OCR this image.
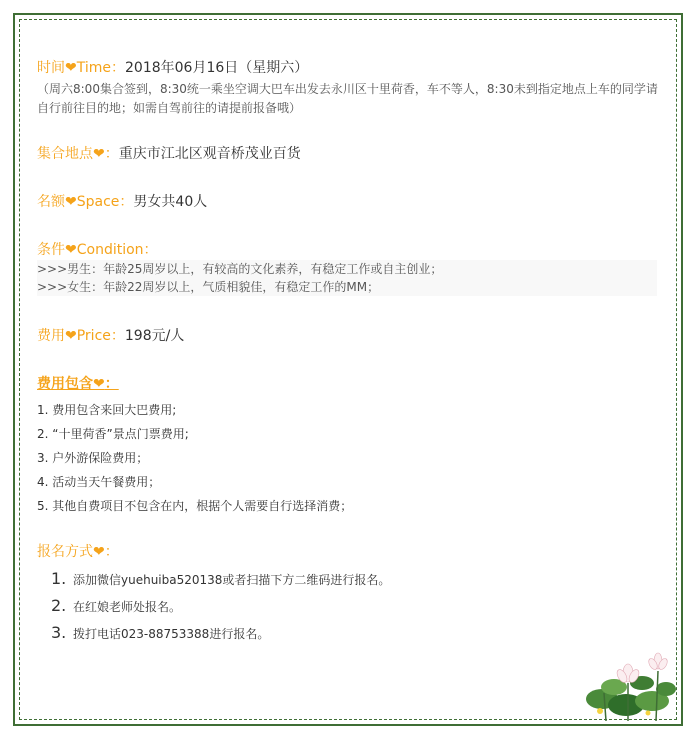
时间❤Time：2018年06月16日（星期六）
（周六8:00集合签到，8:30统一乘坐空调大巴车出发去永川区十里荷香，车不等人，8:30未到指定地点上车的同学请自行前往目的地；如需自驾前往的请提前报备哦）
集合地点❤：重庆市江北区观音桥茂业百货
名额❤Space：男女共40人
条件❤Condition：
>>>男生：年龄25周岁以上，有较高的文化素养，有稳定工作或自主创业；
>>>女生：年龄22周岁以上，气质相貌佳，有稳定工作的MM；
费用❤Price：198元/人
费用包含❤：
1. 费用包含来回大巴费用;
2. “十里荷香”景点门票费用;
3. 户外游保险费用；
4. 活动当天午餐费用；
5. 其他自费项目不包含在内，根据个人需要自行选择消费；
报名方式❤：
1. 添加微信yuehuiba520138或者扫描下方二维码进行报名。
2. 在红娘老师处报名。
3. 拨打电话023-88753388进行报名。
